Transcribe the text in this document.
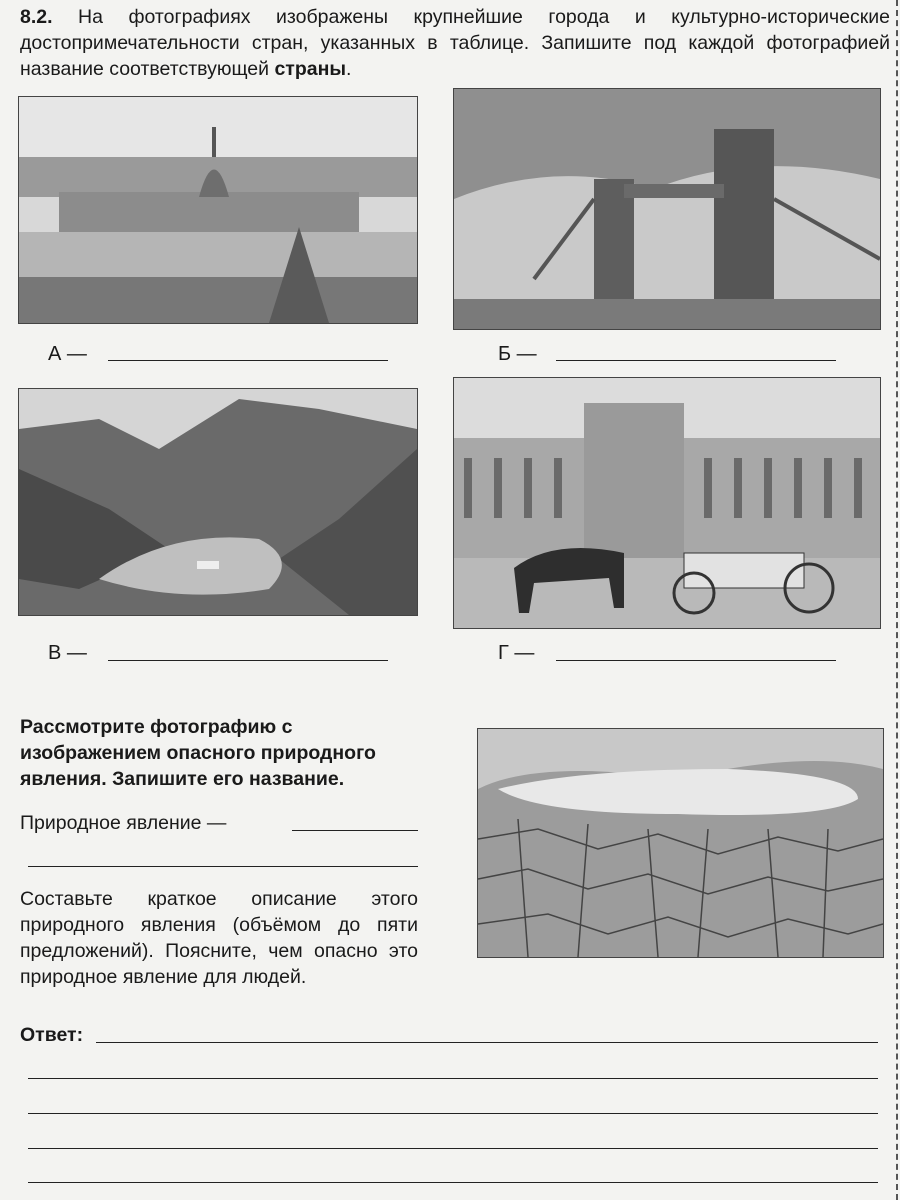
8.2. На фотографиях изображены крупнейшие города и культурно-исторические достопримечательности стран, указанных в таблице. Запишите под каждой фотографией название соответствующей страны.
А —	Б —
В —	Г —
Рассмотрите фотографию с изображением опасного природного явления. Запишите его название.
Природное явление —
Составьте краткое описание этого природного явления (объёмом до пяти предложений). Поясните, чем опасно это природное явление для людей.
Ответ:
